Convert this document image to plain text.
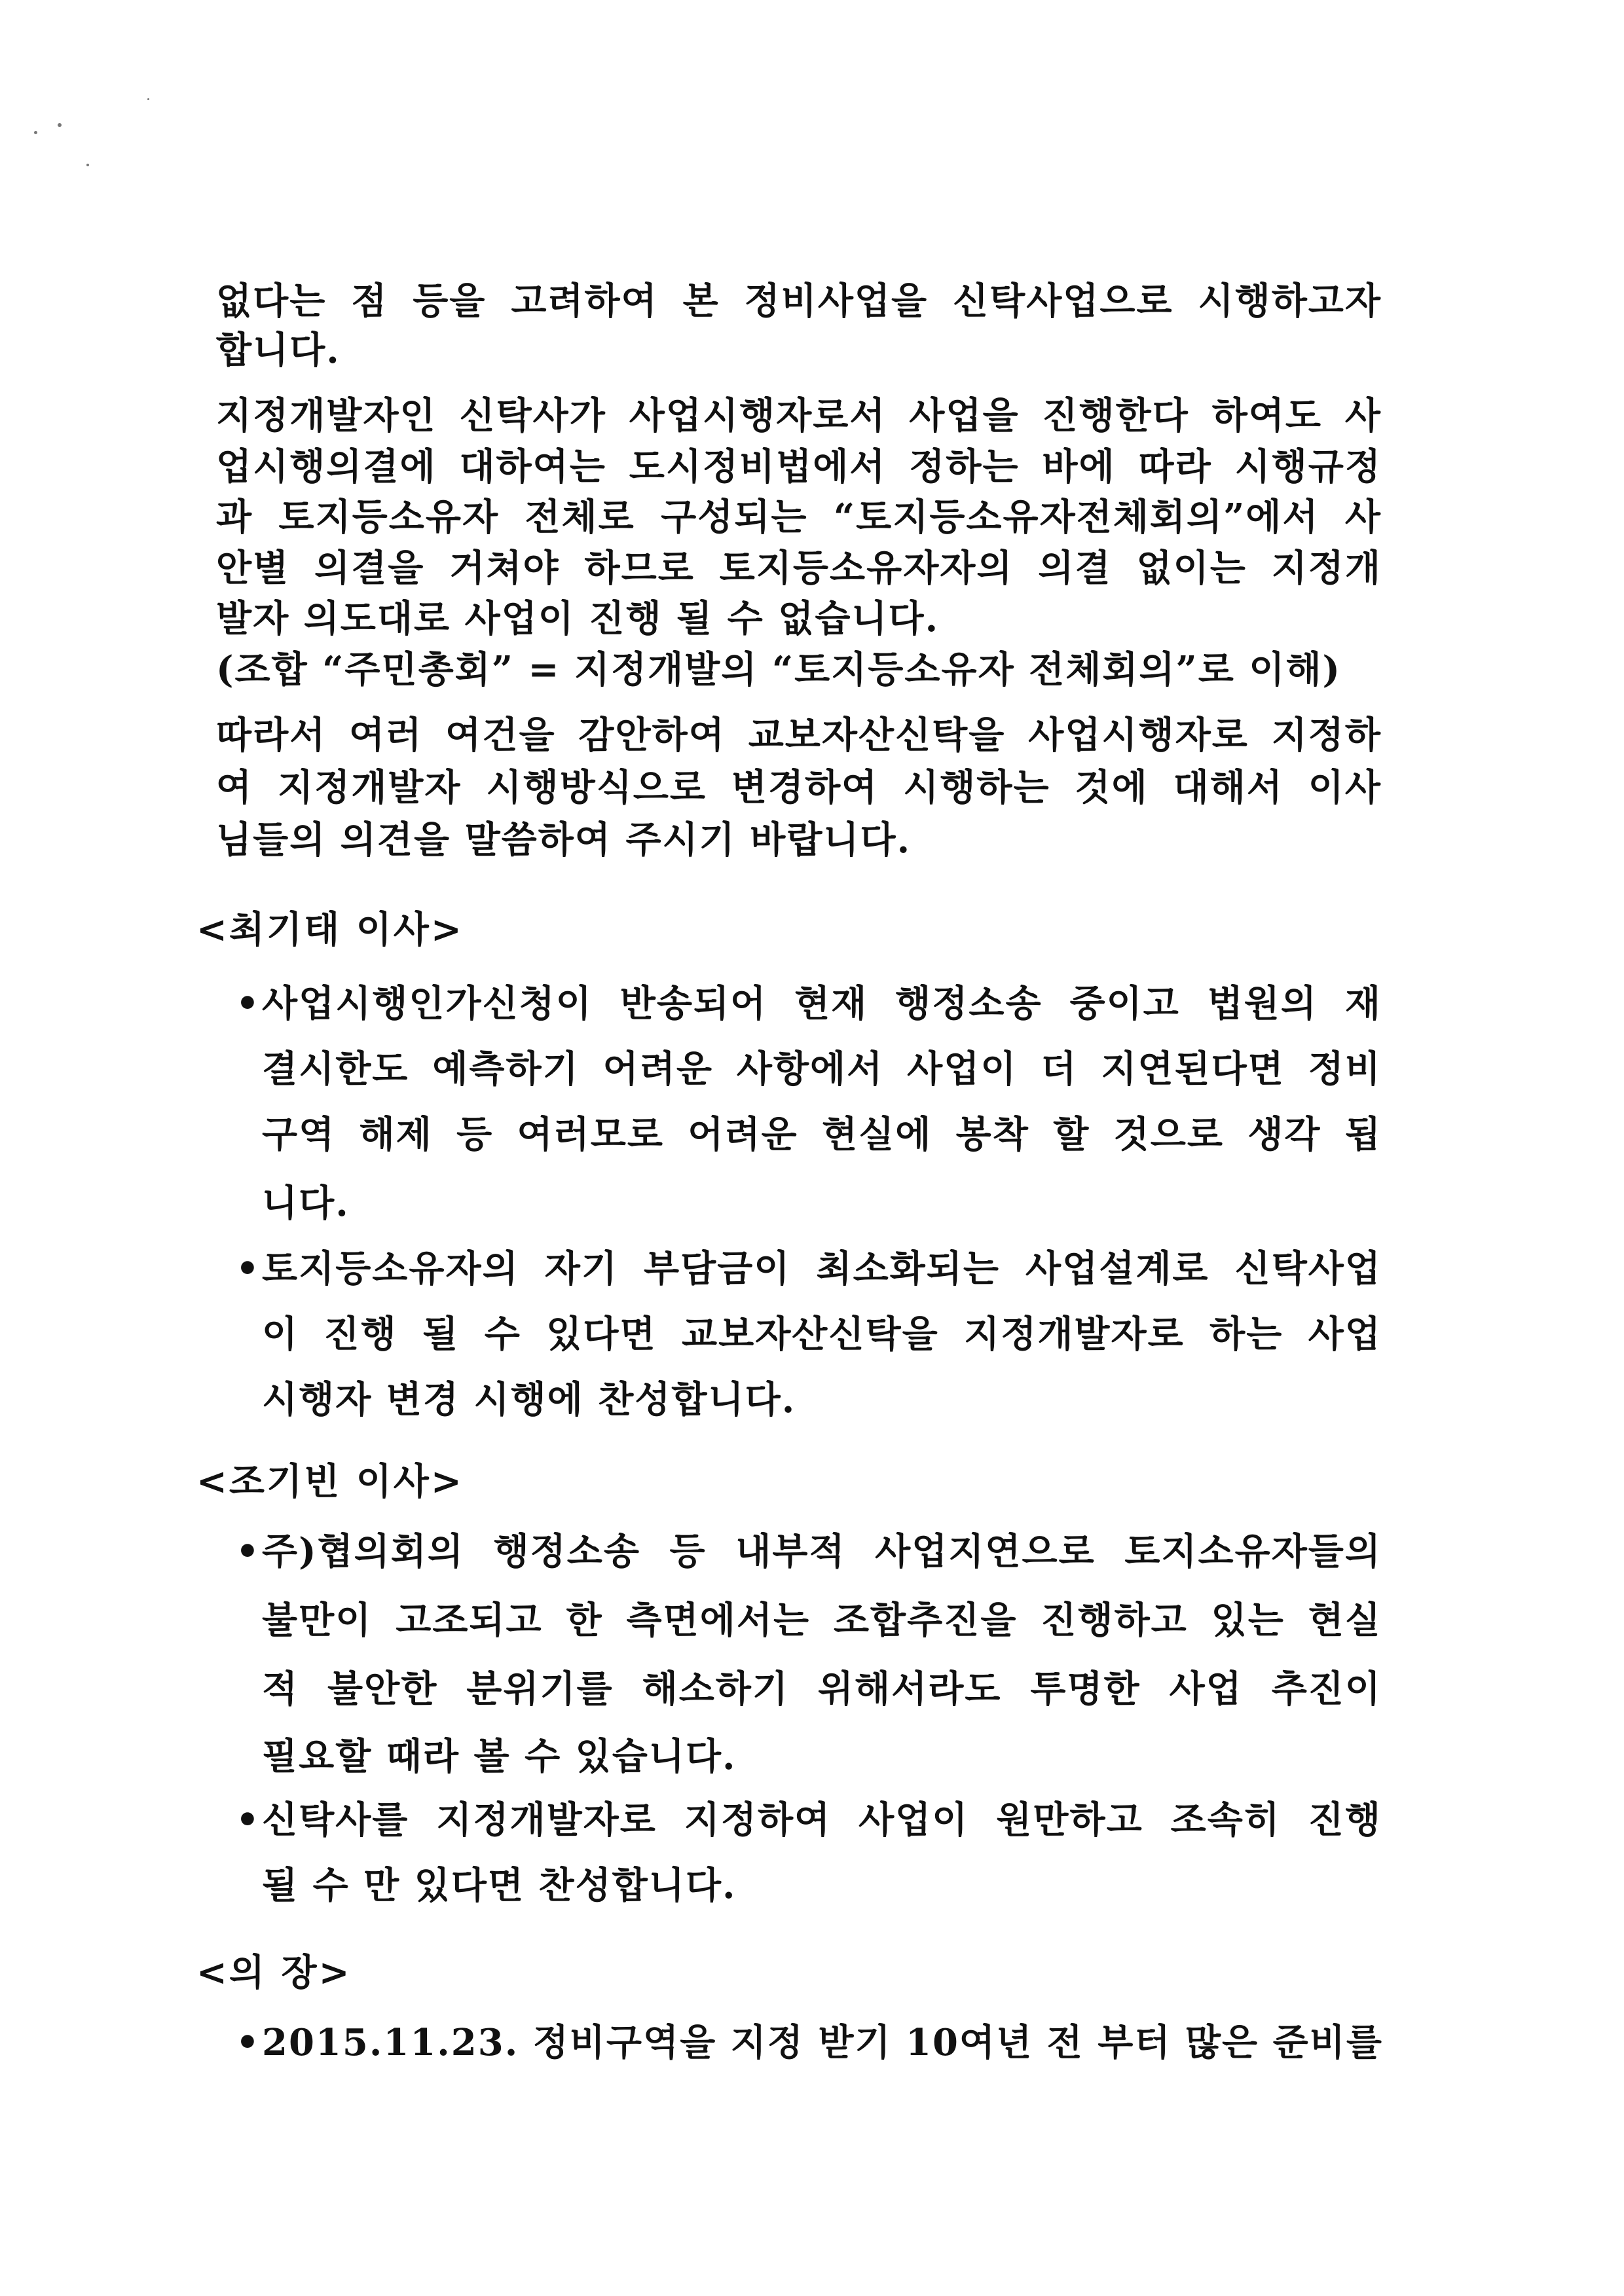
없다는 점 등을 고려하여 본 정비사업을 신탁사업으로 시행하고자
합니다.
지정개발자인 신탁사가 사업시행자로서 사업을 진행한다 하여도 사
업시행의결에 대하여는 도시정비법에서 정하는 바에 따라 시행규정
과 토지등소유자 전체로 구성되는 “토지등소유자전체회의”에서 사
안별 의결을 거쳐야 하므로 토지등소유자자의 의결 없이는 지정개
발자 의도대로 사업이 진행 될 수 없습니다.
(조합 “주민총회” = 지정개발의 “토지등소유자 전체회의”로 이해)
따라서 여러 여건을 감안하여 교보자산신탁을 사업시행자로 지정하
여 지정개발자 시행방식으로 변경하여 시행하는 것에 대해서 이사
님들의 의견을 말씀하여 주시기 바랍니다.
<최기태 이사>
• 사업시행인가신청이 반송되어 현재 행정소송 중이고 법원의 재
결시한도 예측하기 어려운 사항에서 사업이 더 지연된다면 정비
구역 해제 등 여러모로 어려운 현실에 봉착 할 것으로 생각 됩
니다.
• 토지등소유자의 자기 부담금이 최소화되는 사업설계로 신탁사업
이 진행 될 수 있다면 교보자산신탁을 지정개발자로 하는 사업
시행자 변경 시행에 찬성합니다.
<조기빈 이사>
• 주)협의회의 행정소송 등 내부적 사업지연으로 토지소유자들의
불만이 고조되고 한 측면에서는 조합추진을 진행하고 있는 현실
적 불안한 분위기를 해소하기 위해서라도 투명한 사업 추진이
필요할 때라 볼 수 있습니다.
• 신탁사를 지정개발자로 지정하여 사업이 원만하고 조속히 진행
될 수 만 있다면 찬성합니다.
<의 장>
• 2015.11.23. 정비구역을 지정 받기 10여년 전 부터 많은 준비를
